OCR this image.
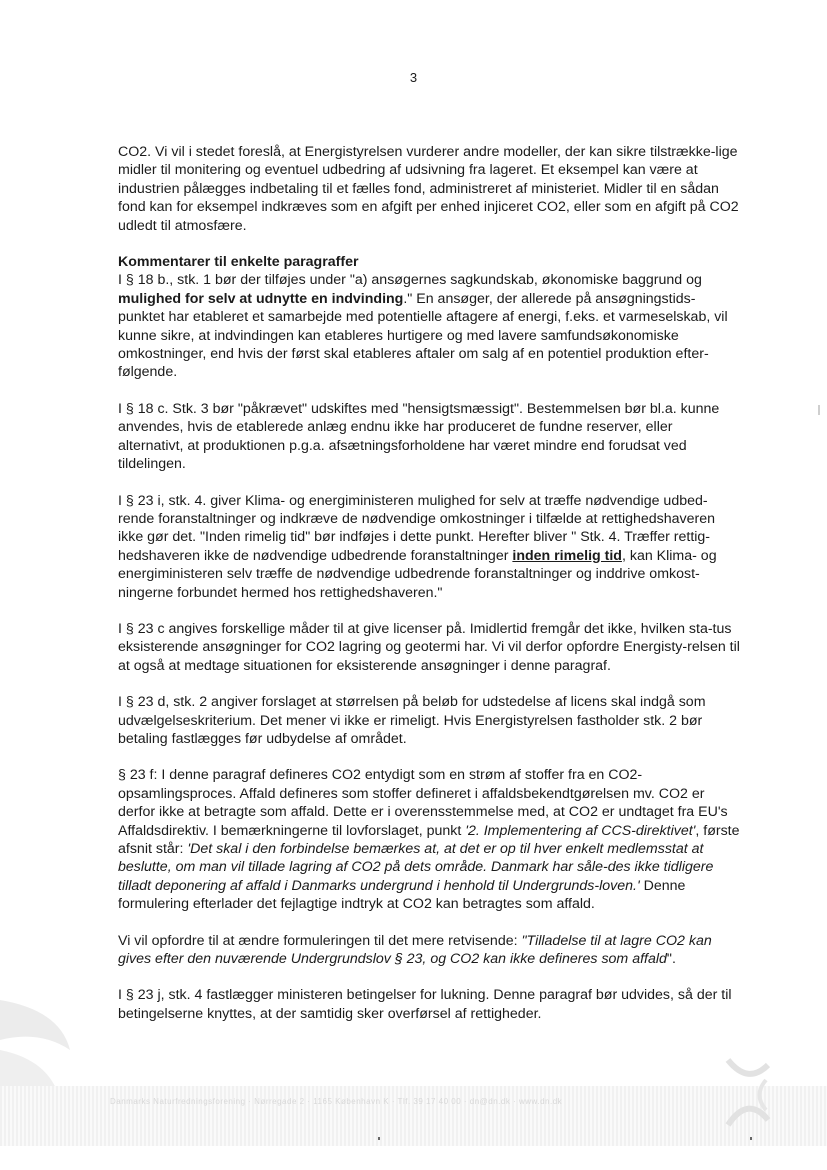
3

CO2. Vi vil i stedet foreslå, at Energistyrelsen vurderer andre modeller, der kan sikre tilstrække-lige midler til monitering og eventuel udbedring af udsivning fra lageret. Et eksempel kan være at industrien pålægges indbetaling til et fælles fond, administreret af ministeriet. Midler til en sådan fond kan for eksempel indkræves som en afgift per enhed injiceret CO2, eller som en afgift på CO2 udledt til atmosfære.

Kommentarer til enkelte paragraffer

I § 18 b., stk. 1 bør der tilføjes under "a) ansøgernes sagkundskab, økonomiske baggrund og mulighed for selv at udnytte en indvinding." En ansøger, der allerede på ansøgningstids-punktet har etableret et samarbejde med potentielle aftagere af energi, f.eks. et varmeselskab, vil kunne sikre, at indvindingen kan etableres hurtigere og med lavere samfundsøkonomiske omkostninger, end hvis der først skal etableres aftaler om salg af en potentiel produktion efter-følgende.

I § 18 c. Stk. 3 bør "påkrævet" udskiftes med "hensigtsmæssigt". Bestemmelsen bør bl.a. kunne anvendes, hvis de etablerede anlæg endnu ikke har produceret de fundne reserver, eller alternativt, at produktionen p.g.a. afsætningsforholdene har været mindre end forudsat ved tildelingen.

I § 23 i, stk. 4. giver Klima- og energiministeren mulighed for selv at træffe nødvendige udbed-rende foranstaltninger og indkræve de nødvendige omkostninger i tilfælde at rettighedshaveren ikke gør det. "Inden rimelig tid" bør indføjes i dette punkt. Herefter bliver " Stk. 4. Træffer rettig-hedshaveren ikke de nødvendige udbedrende foranstaltninger inden rimelig tid, kan Klima- og energiministeren selv træffe de nødvendige udbedrende foranstaltninger og inddrive omkost-ningerne forbundet hermed hos rettighedshaveren."

I § 23 c angives forskellige måder til at give licenser på. Imidlertid fremgår det ikke, hvilken sta-tus eksisterende ansøgninger for CO2 lagring og geotermi har. Vi vil derfor opfordre Energisty-relsen til at også at medtage situationen for eksisterende ansøgninger i denne paragraf.

I § 23 d, stk. 2 angiver forslaget at størrelsen på beløb for udstedelse af licens skal indgå som udvælgelseskriterium. Det mener vi ikke er rimeligt. Hvis Energistyrelsen fastholder stk. 2 bør betaling fastlægges før udbydelse af området.

§ 23 f: I denne paragraf defineres CO2 entydigt som en strøm af stoffer fra en CO2-opsamlingsproces. Affald defineres som stoffer defineret i affaldsbekendtgørelsen mv. CO2 er derfor ikke at betragte som affald. Dette er i overensstemmelse med, at CO2 er undtaget fra EU's Affaldsdirektiv. I bemærkningerne til lovforslaget, punkt '2. Implementering af CCS-direktivet', første afsnit står: 'Det skal i den forbindelse bemærkes at, at det er op til hver enkelt medlemsstat at beslutte, om man vil tillade lagring af CO2 på dets område. Danmark har såle-des ikke tidligere tilladt deponering af affald i Danmarks undergrund i henhold til Undergrunds-loven.' Denne formulering efterlader det fejlagtige indtryk at CO2 kan betragtes som affald.

Vi vil opfordre til at ændre formuleringen til det mere retvisende: "Tilladelse til at lagre CO2 kan gives efter den nuværende Undergrundslov § 23, og CO2 kan ikke defineres som affald".

I § 23 j, stk. 4 fastlægger ministeren betingelser for lukning. Denne paragraf bør udvides, så der til betingelserne knyttes, at der samtidig sker overførsel af rettigheder.

Danmarks Naturfredningsforening · Nørregade 2 · 1165 København K · Tlf. 39 17 40 00 · dn@dn.dk · www.dn.dk
